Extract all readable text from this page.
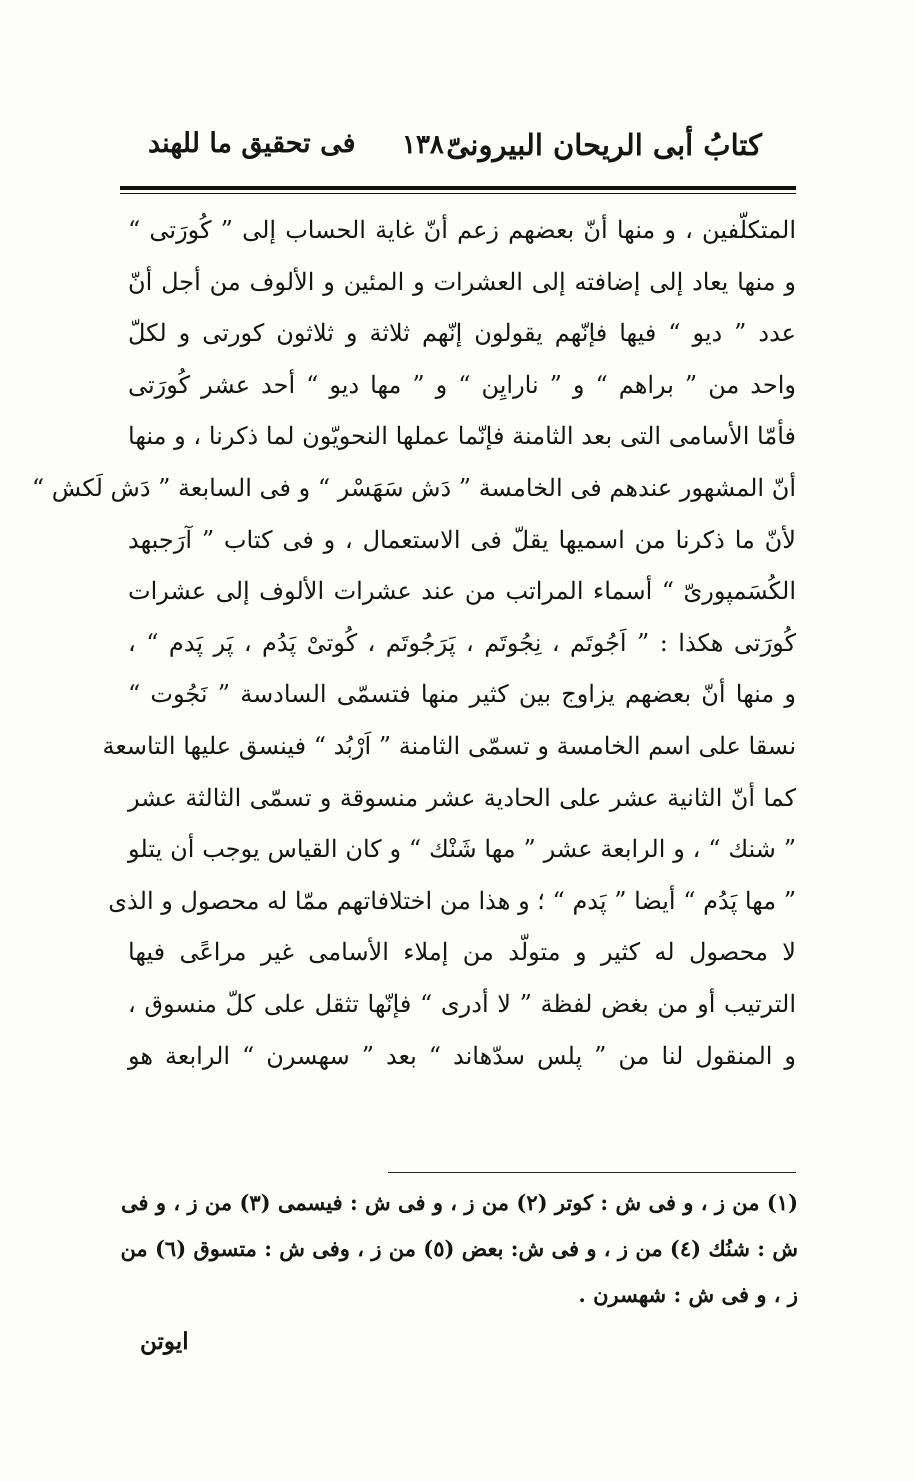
كتابُ أبى الريحان البيرونىّ
١٣٨
فى تحقيق ما للهند
المتكلّفين ، و منها أنّ بعضهم زعم أنّ غاية الحساب إلى ” كُورَتى “
و منها يعاد إلى إضافته إلى العشرات و المئين و الألوف من أجل أنّ
عدد ” ديو “ فيها فإنّهم يقولون إنّهم ثلاثة و ثلاثون كورتى و لكلّ
واحد من ” براهم “ و ” نارايِن “ و ” مها ديو “ أحد عشر كُورَتى
فأمّا الأسامى التى بعد الثامنة فإنّما عملها النحويّون لما ذكرنا ، و منها
أنّ المشهور عندهم فى الخامسة ” دَش سَهَسْر “ و فى السابعة ” دَش لَكش “
لأنّ ما ذكرنا من اسميها يقلّ فى الاستعمال ، و فى كتاب ” آرَجبهد
الكُسَمپورىّ “ أسماء المراتب من عند عشرات الألوف إلى عشرات
كُورَتى هكذا : ” اَجُوتَم ، نِجُوتَم ، پَرَجُوتَم ، كُوتىْ پَدُم ، پَر پَدم “ ،
و منها أنّ بعضهم يزاوج بين كثير منها فتسمّى السادسة ” نَجُوت “
نسقا على اسم الخامسة و تسمّى الثامنة ” اَرْبُد “ فينسق عليها التاسعة
كما أنّ الثانية عشر على الحادية عشر منسوقة و تسمّى الثالثة عشر
” شنك “ ، و الرابعة عشر ” مها شَنْك “ و كان القياس يوجب أن يتلو
” مها پَدُم “ أيضا ” پَدم “ ؛ و هذا من اختلافاتهم ممّا له محصول و الذى
لا محصول له كثير و متولّد من إملاء الأسامى غير مراعًى فيها
الترتيب أو من بغض لفظة ” لا أدرى “ فإنّها تثقل على كلّ منسوق ،
و المنقول لنا من ” پلس سدّهاند “ بعد ” سهسرن “ الرابعة هو
(١) من ز ، و فى ش : كوتر (٢) من ز ، و فى ش : فيسمى (٣) من ز ، و فى
ش : شنُك (٤) من ز ، و فى ش: بعض (٥) من ز ، وفى ش : متسوق (٦) من
ز ، و فى ش : شهسرن .
ايوتن
